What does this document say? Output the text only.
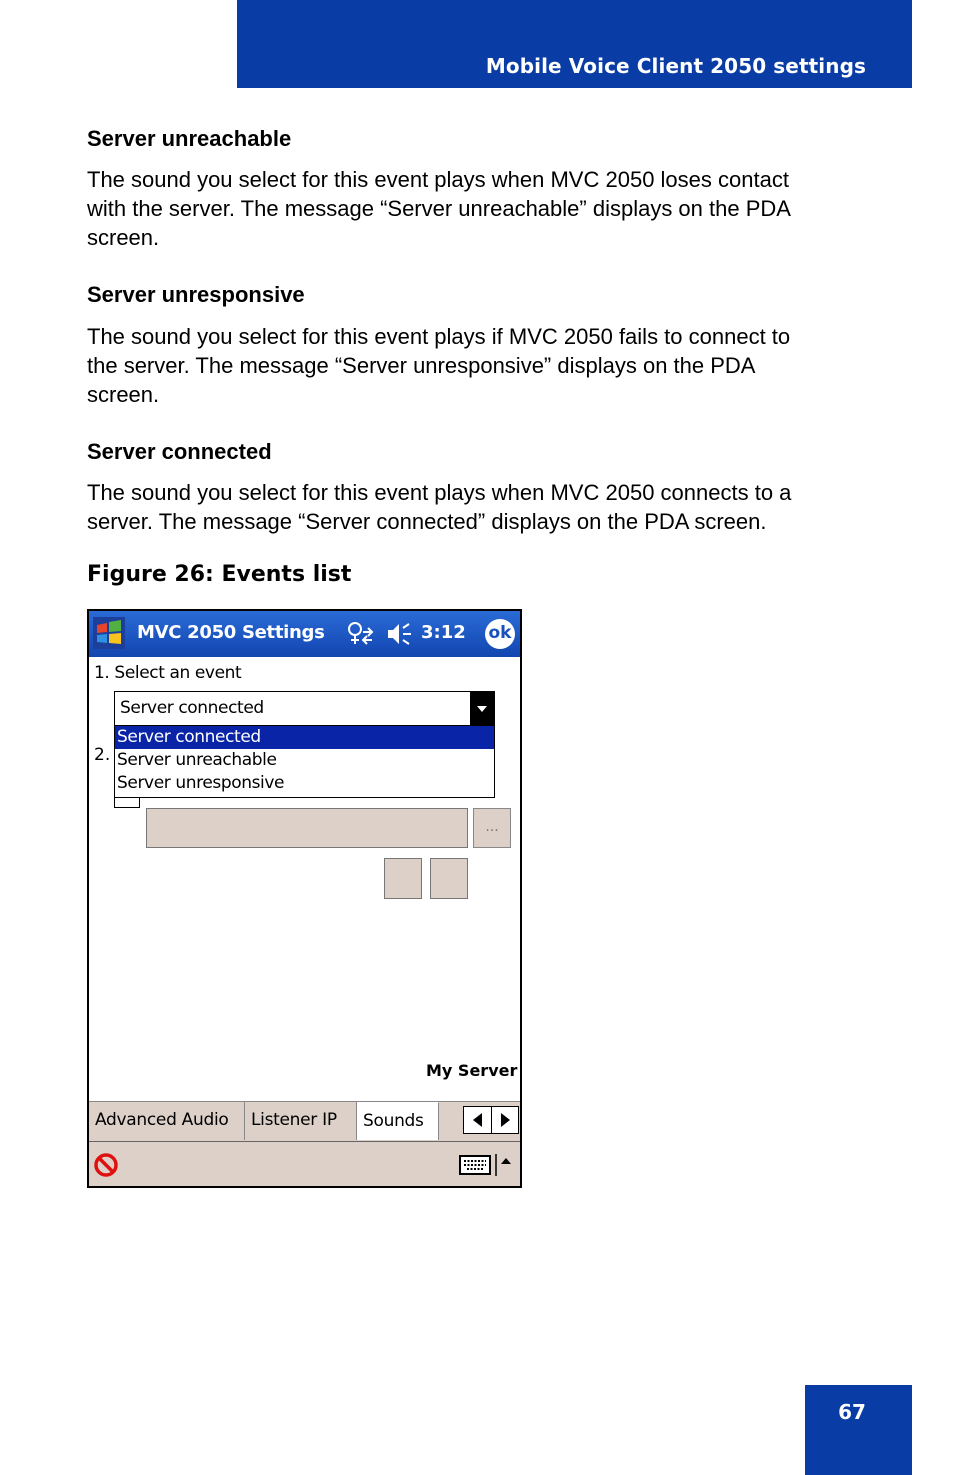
Mobile Voice Client 2050 settings
Server unreachable
The sound you select for this event plays when MVC 2050 loses contact
with the server. The message “Server unreachable” displays on the PDA
screen.
Server unresponsive
The sound you select for this event plays if MVC 2050 fails to connect to
the server. The message “Server unresponsive” displays on the PDA
screen.
Server connected
The sound you select for this event plays when MVC 2050 connects to a
server. The message “Server connected” displays on the PDA screen.
Figure 26: Events list
MVC 2050 Settings	3:12 ok
1. Select an event
2.
Server connected
Server connected
Server unreachable
Server unresponsive
...
My Server
Advanced Audio	Listener IP	Sounds
67
